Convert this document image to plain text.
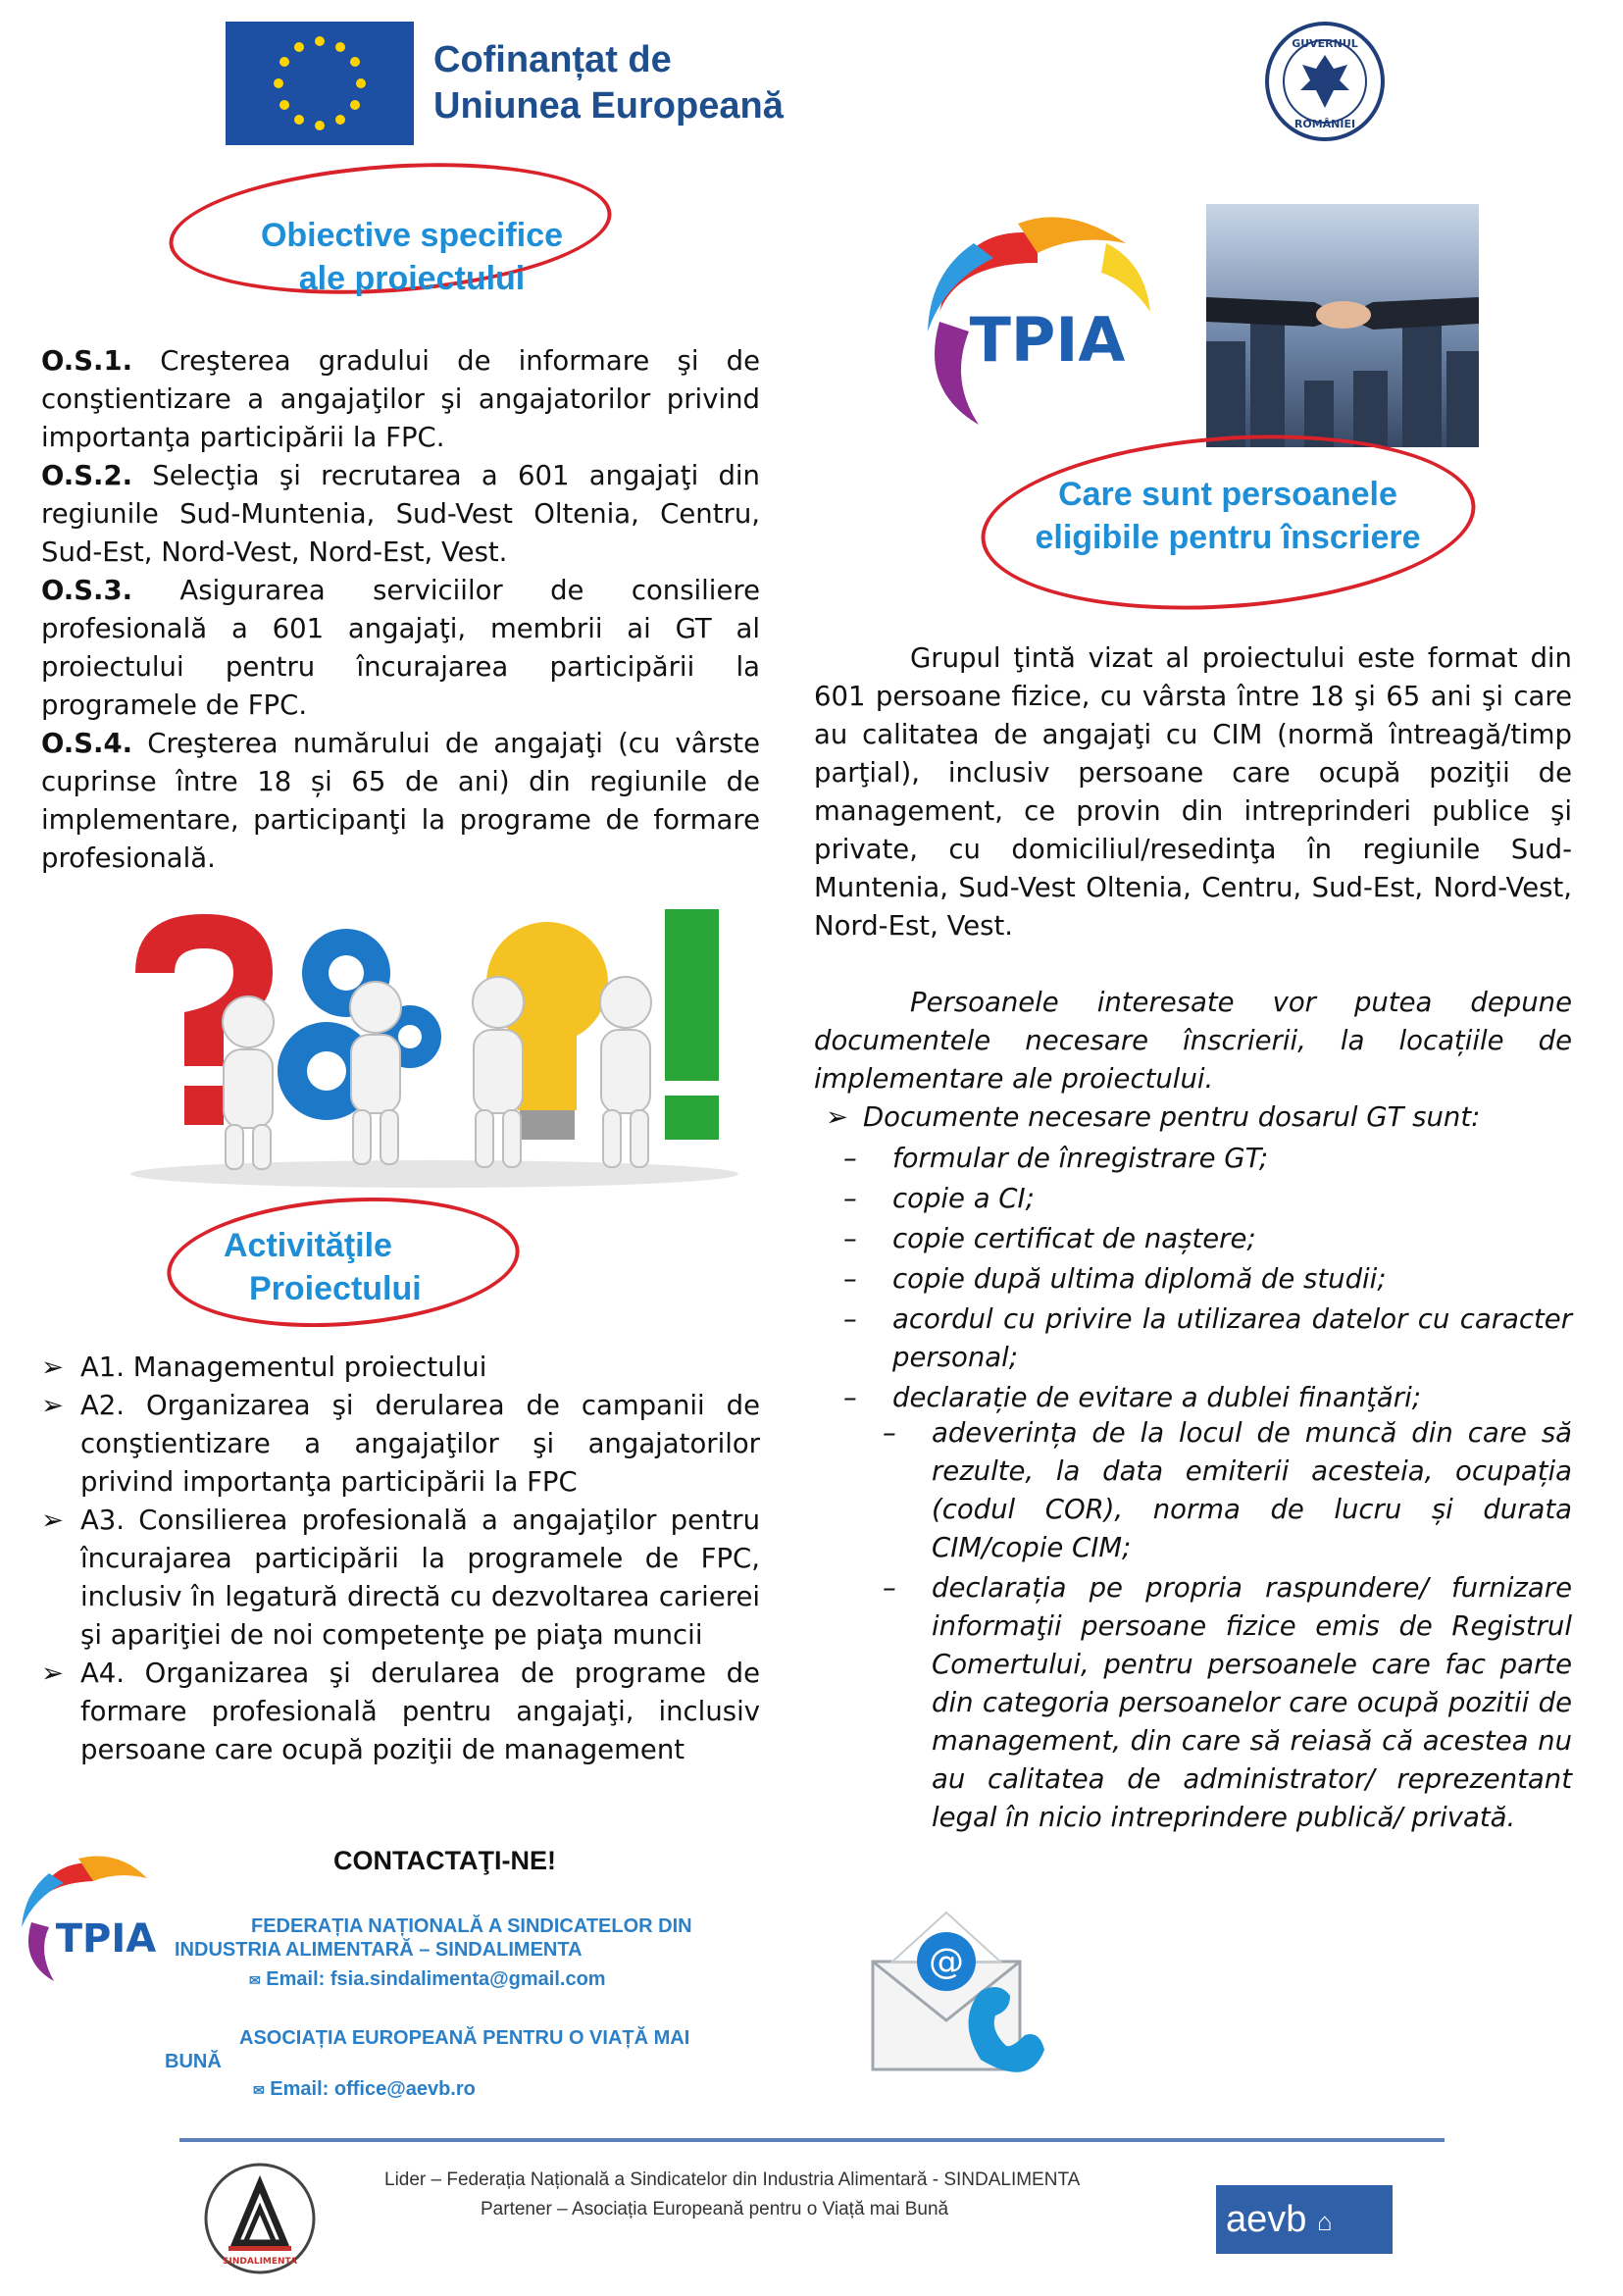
Cofinanțat de
Uniunea Europeană
GUVERNUL
ROMÂNIEI
Obiective specifice
ale proiectului
O.S.1. Creşterea gradului de informare şi de conştientizare a angajaţilor şi angajatorilor privind importanţa participării la FPC.
O.S.2. Selecţia şi recrutarea a 601 angajaţi din regiunile Sud-Muntenia, Sud-Vest Oltenia, Centru, Sud-Est, Nord-Vest, Nord-Est, Vest.
O.S.3. Asigurarea serviciilor de consiliere profesională a 601 angajaţi, membrii ai GT al proiectului pentru încurajarea participării la programele de FPC.
O.S.4. Creşterea numărului de angajaţi (cu vârste cuprinse între 18 și 65 de ani) din regiunile de implementare, participanţi la programe de formare profesională.
Activităţile
Proiectului
➢ A1. Managementul proiectului
➢ A2. Organizarea şi derularea de campanii de conştientizare a angajaţilor şi angajatorilor privind importanţa participării la FPC
➢ A3. Consilierea profesională a angajaţilor pentru încurajarea participării la programele de FPC, inclusiv în legatură directă cu dezvoltarea carierei şi apariţiei de noi competenţe pe piaţa muncii
➢ A4. Organizarea şi derularea de programe de formare profesională pentru angajaţi, inclusiv persoane care ocupă poziţii de management
TPIA
Care sunt persoanele
eligibile pentru înscriere
Grupul ţintă vizat al proiectului este format din 601 persoane fizice, cu vârsta între 18 şi 65 ani şi care au calitatea de angajaţi cu CIM (normă întreagă/timp parţial), inclusiv persoane care ocupă poziţii de management, ce provin din intreprinderi publice şi private, cu domiciliul/resedinţa în regiunile Sud-Muntenia, Sud-Vest Oltenia, Centru, Sud-Est, Nord-Vest, Nord-Est, Vest.
Persoanele interesate vor putea depune documentele necesare înscrierii, la locațiile de implementare ale proiectului.
➢ Documente necesare pentru dosarul GT sunt:
– formular de înregistrare GT;
– copie a CI;
– copie certificat de naștere;
– copie după ultima diplomă de studii;
– acordul cu privire la utilizarea datelor cu caracter personal;
– declarație de evitare a dublei finanţări;
– adeverința de la locul de muncă din care să rezulte, la data emiterii acesteia, ocupația (codul COR), norma de lucru și durata CIM/copie CIM;
– declarația pe propria raspundere/ furnizare informaţii persoane fizice emis de Registrul Comertului, pentru persoanele care fac parte din categoria persoanelor care ocupă pozitii de management, din care să reiasă că acestea nu au calitatea de administrator/ reprezentant legal în nicio intreprindere publică/ privată.
CONTACTAŢI-NE!
TPIA	FEDERAȚIA NAȚIONALĂ A SINDICATELOR DIN
INDUSTRIA ALIMENTARĂ – SINDALIMENTA
✉ Email: fsia.sindalimenta@gmail.com
ASOCIAȚIA EUROPEANĂ PENTRU O VIAȚĂ MAI
BUNĂ
✉ Email: office@aevb.ro
@
SINDALIMENTA
Lider – Federația Națională a Sindicatelor din Industria Alimentară - SINDALIMENTA
Partener – Asociația Europeană pentru o Viață mai Bună	aevb ⌂
